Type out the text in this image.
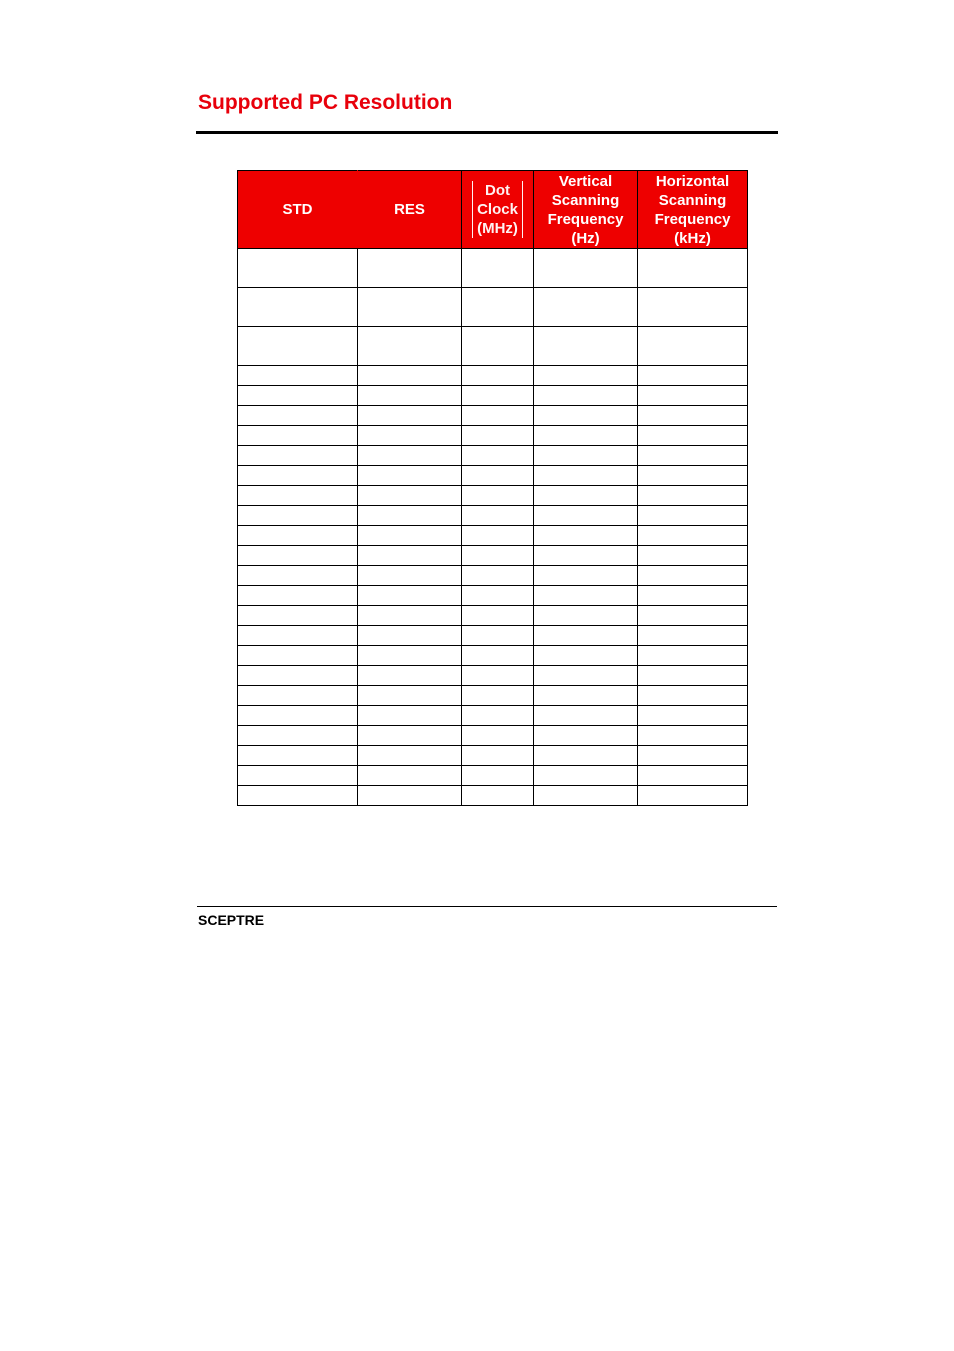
Supported PC Resolution
STD	RES	Dot
Clock
(MHz)	Vertical
Scanning
Frequency
(Hz)	Horizontal
Scanning
Frequency
(kHz)

SCEPTRE
